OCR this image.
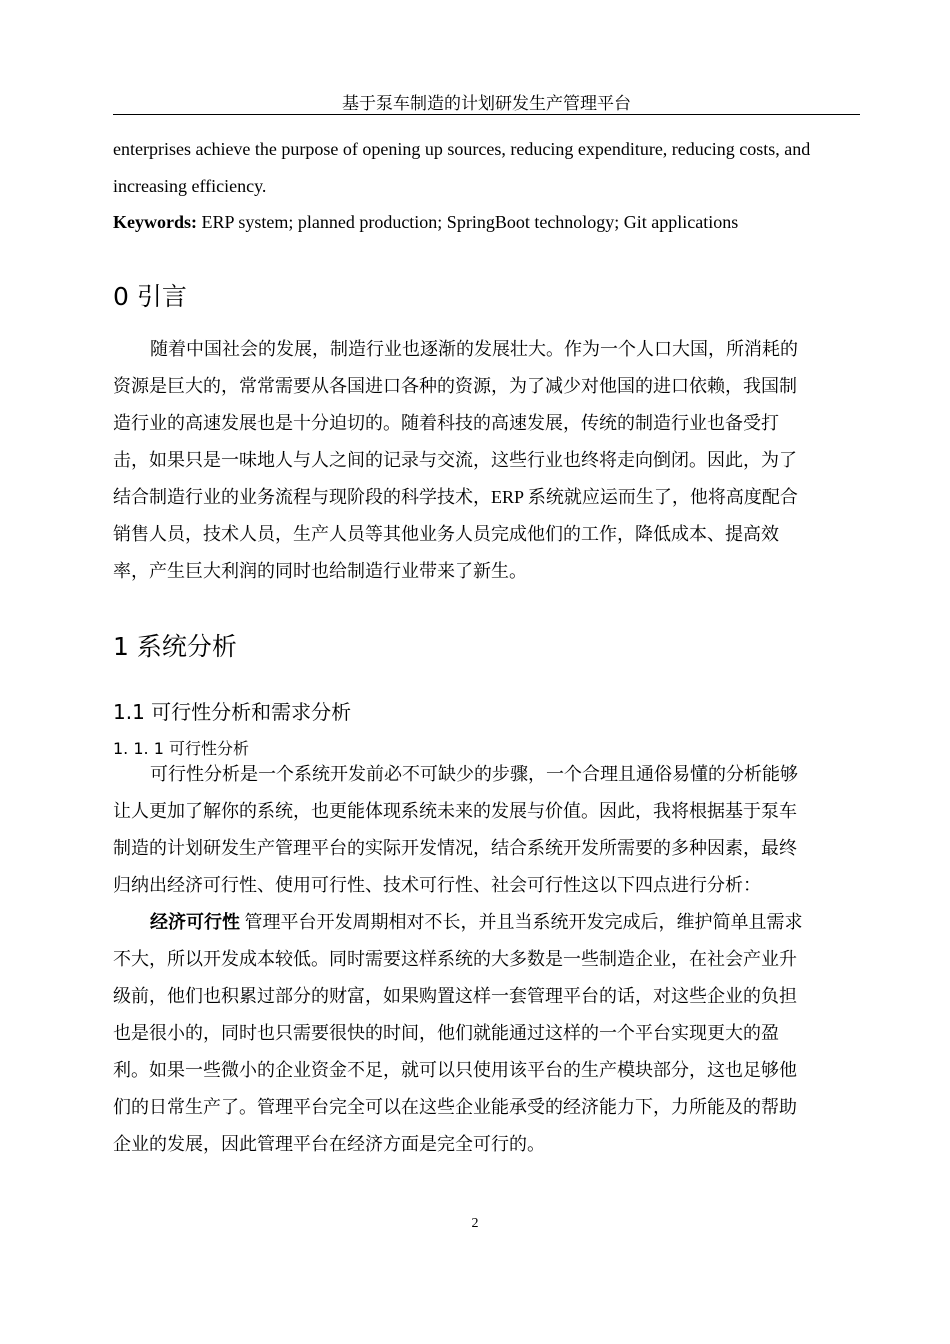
基于泵车制造的计划研发生产管理平台
enterprises achieve the purpose of opening up sources, reducing expenditure, reducing costs, and
increasing efficiency.
Keywords: ERP system; planned production; SpringBoot technology; Git applications
0 引言
随着中国社会的发展，制造行业也逐渐的发展壮大。作为一个人口大国，所消耗的
资源是巨大的，常常需要从各国进口各种的资源，为了减少对他国的进口依赖，我国制
造行业的高速发展也是十分迫切的。随着科技的高速发展，传统的制造行业也备受打
击，如果只是一味地人与人之间的记录与交流，这些行业也终将走向倒闭。因此，为了
结合制造行业的业务流程与现阶段的科学技术，ERP 系统就应运而生了，他将高度配合
销售人员，技术人员，生产人员等其他业务人员完成他们的工作，降低成本、提高效
率，产生巨大利润的同时也给制造行业带来了新生。
1 系统分析
1.1 可行性分析和需求分析
1. 1. 1 可行性分析
可行性分析是一个系统开发前必不可缺少的步骤，一个合理且通俗易懂的分析能够
让人更加了解你的系统，也更能体现系统未来的发展与价值。因此，我将根据基于泵车
制造的计划研发生产管理平台的实际开发情况，结合系统开发所需要的多种因素，最终
归纳出经济可行性、使用可行性、技术可行性、社会可行性这以下四点进行分析：
经济可行性 管理平台开发周期相对不长，并且当系统开发完成后，维护简单且需求
不大，所以开发成本较低。同时需要这样系统的大多数是一些制造企业，在社会产业升
级前，他们也积累过部分的财富，如果购置这样一套管理平台的话，对这些企业的负担
也是很小的，同时也只需要很快的时间，他们就能通过这样的一个平台实现更大的盈
利。如果一些微小的企业资金不足，就可以只使用该平台的生产模块部分，这也足够他
们的日常生产了。管理平台完全可以在这些企业能承受的经济能力下，力所能及的帮助
企业的发展，因此管理平台在经济方面是完全可行的。
2
